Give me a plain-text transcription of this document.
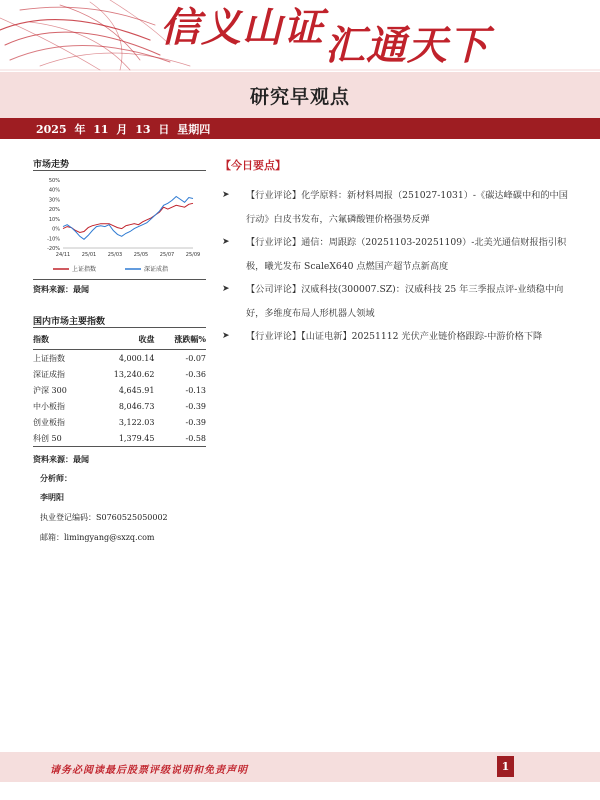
信义山证 汇通天下
研究早观点
2025 年 11 月 13 日 星期四
市场走势
50%
40%
30%
20%
10%
0%
-10%
-20%
24/11 25/01 25/03 25/05 25/07 25/09
上证指数	深证成指
资料来源：最闻
国内市场主要指数
指数	收盘	涨跌幅%
上证指数	4,000.14	-0.07
深证成指	13,240.62	-0.36
沪深 300	4,645.91	-0.13
中小板指	8,046.73	-0.39
创业板指	3,122.03	-0.39
科创 50	1,379.45	-0.58
资料来源：最闻
分析师：
李明阳
执业登记编码：S0760525050002
邮箱：limingyang@sxzq.com
【今日要点】
➤ 【行业评论】化学原料：新材料周报（251027-1031）-《碳达峰碳中和的中国行动》白皮书发布，六氟磷酸锂价格强势反弹
➤ 【行业评论】通信：周跟踪（20251103-20251109）-北美光通信财报指引积极，曦光发布 ScaleX640 点燃国产超节点新高度
➤ 【公司评论】汉威科技(300007.SZ)：汉威科技 25 年三季报点评-业绩稳中向好，多维度布局人形机器人领域
➤ 【行业评论】【山证电新】20251112 光伏产业链价格跟踪-中游价格下降
请务必阅读最后股票评级说明和免责声明	1
